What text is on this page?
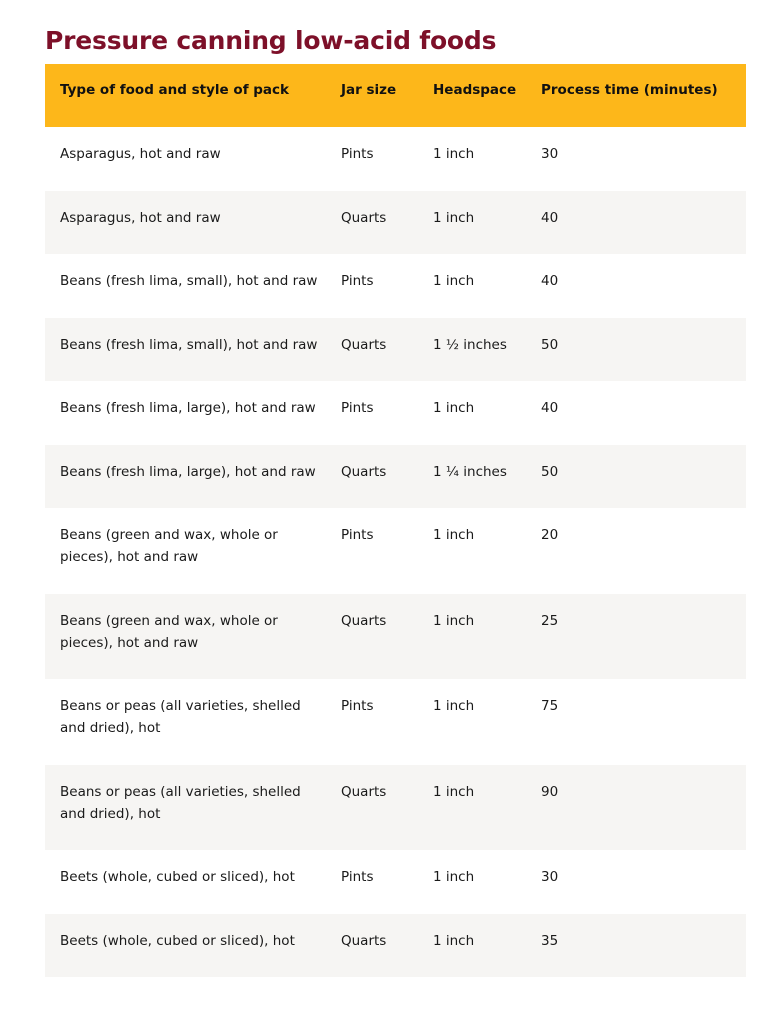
Pressure canning low-acid foods
Type of food and style of pack	Jar size	Headspace	Process time (minutes)
Asparagus, hot and raw	Pints	1 inch	30
Asparagus, hot and raw	Quarts	1 inch	40
Beans (fresh lima, small), hot and raw	Pints	1 inch	40
Beans (fresh lima, small), hot and raw	Quarts	1 ½ inches	50
Beans (fresh lima, large), hot and raw	Pints	1 inch	40
Beans (fresh lima, large), hot and raw	Quarts	1 ¼ inches	50
Beans (green and wax, whole or pieces), hot and raw	Pints	1 inch	20
Beans (green and wax, whole or pieces), hot and raw	Quarts	1 inch	25
Beans or peas (all varieties, shelled and dried), hot	Pints	1 inch	75
Beans or peas (all varieties, shelled and dried), hot	Quarts	1 inch	90
Beets (whole, cubed or sliced), hot	Pints	1 inch	30
Beets (whole, cubed or sliced), hot	Quarts	1 inch	35
